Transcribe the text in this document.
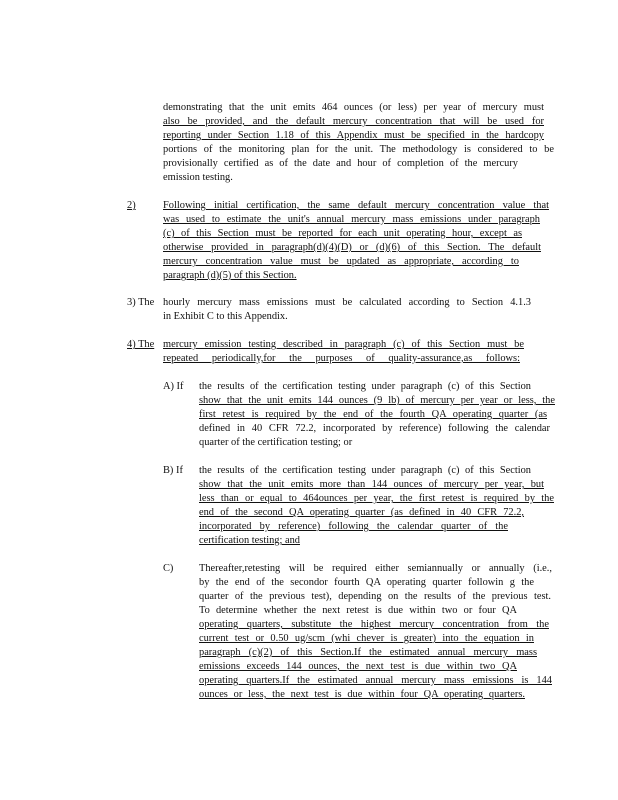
demonstrating that the unit emits 464 ounces (or less) per year of mercury must
also be provided, and the default mercury concentration that will be used for
reporting under Section 1.18 of this Appendix must be specified in the hardcopy
portions of the monitoring plan for the unit. The methodology is considered to be
provisionally certified as of the date and hour of completion of the mercury
emission testing.
2)	Following initial certification, the same default mercury concentration value that
was used to estimate the unit's annual mercury mass emissions under paragraph
(c) of this Section must be reported for each unit operating hour, except as
otherwise provided in paragraph(d)(4)(D) or (d)(6) of this Section. The default
mercury concentration value must be updated as appropriate, according to
paragraph (d)(5) of this Section.
3) The hourly mercury mass emissions must be calculated according to Section 4.1.3
in Exhibit C to this Appendix.
4) The mercury emission testing described in paragraph (c) of this Section must be
repeated periodically,for the purposes of quality-assurance,as follows:
A) If the results of the certification testing under paragraph (c) of this Section
show that the unit emits 144 ounces (9 lb) of mercury per year or less, the
first retest is required by the end of the fourth QA operating quarter (as
defined in 40 CFR 72.2, incorporated by reference) following the calendar
quarter of the certification testing; or
B) If the results of the certification testing under paragraph (c) of this Section
show that the unit emits more than 144 ounces of mercury per year, but
less than or equal to 464ounces per year, the first retest is required by the
end of the second QA operating quarter (as defined in 40 CFR 72.2,
incorporated by reference) following the calendar quarter of the
certification testing; and
C) Thereafter,retesting will be required either semiannually or annually (i.e.,
by the end of the secondor fourth QA operating quarter followin g the
quarter of the previous test), depending on the results of the previous test.
To determine whether the next retest is due within two or four QA
operating quarters, substitute the highest mercury concentration from the
current test or 0.50 ug/scm (whi chever is greater) into the equation in
paragraph (c)(2) of this Section.If the estimated annual mercury mass
emissions exceeds 144 ounces, the next test is due within two QA
operating quarters.If the estimated annual mercury mass emissions is 144
ounces or less, the next test is due within four QA operating quarters.
